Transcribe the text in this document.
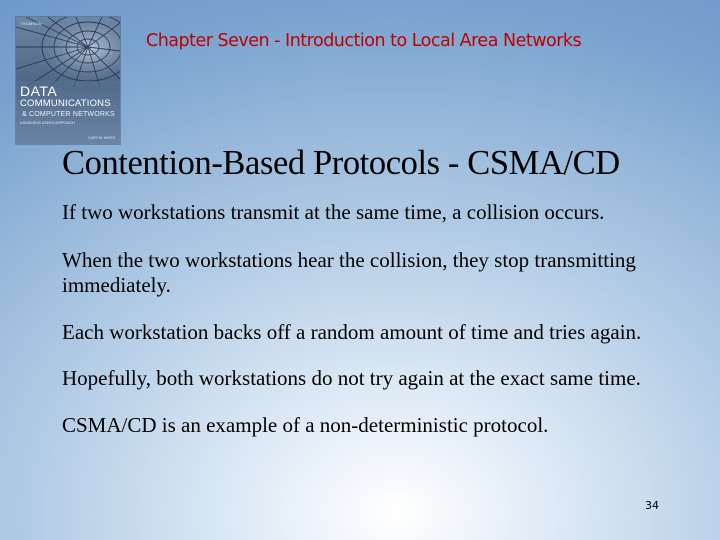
THOMSON
DATA
COMMUNICATIONS
& COMPUTER NETWORKS
A BUSINESS USER'S APPROACH
CURT M. WHITE
Chapter Seven - Introduction to Local Area Networks
Contention-Based Protocols - CSMA/CD
If two workstations transmit at the same time, a collision occurs.
When the two workstations hear the collision, they stop transmitting immediately.
Each workstation backs off a random amount of time and tries again.
Hopefully, both workstations do not try again at the exact same time.
CSMA/CD is an example of a non-deterministic protocol.
34
